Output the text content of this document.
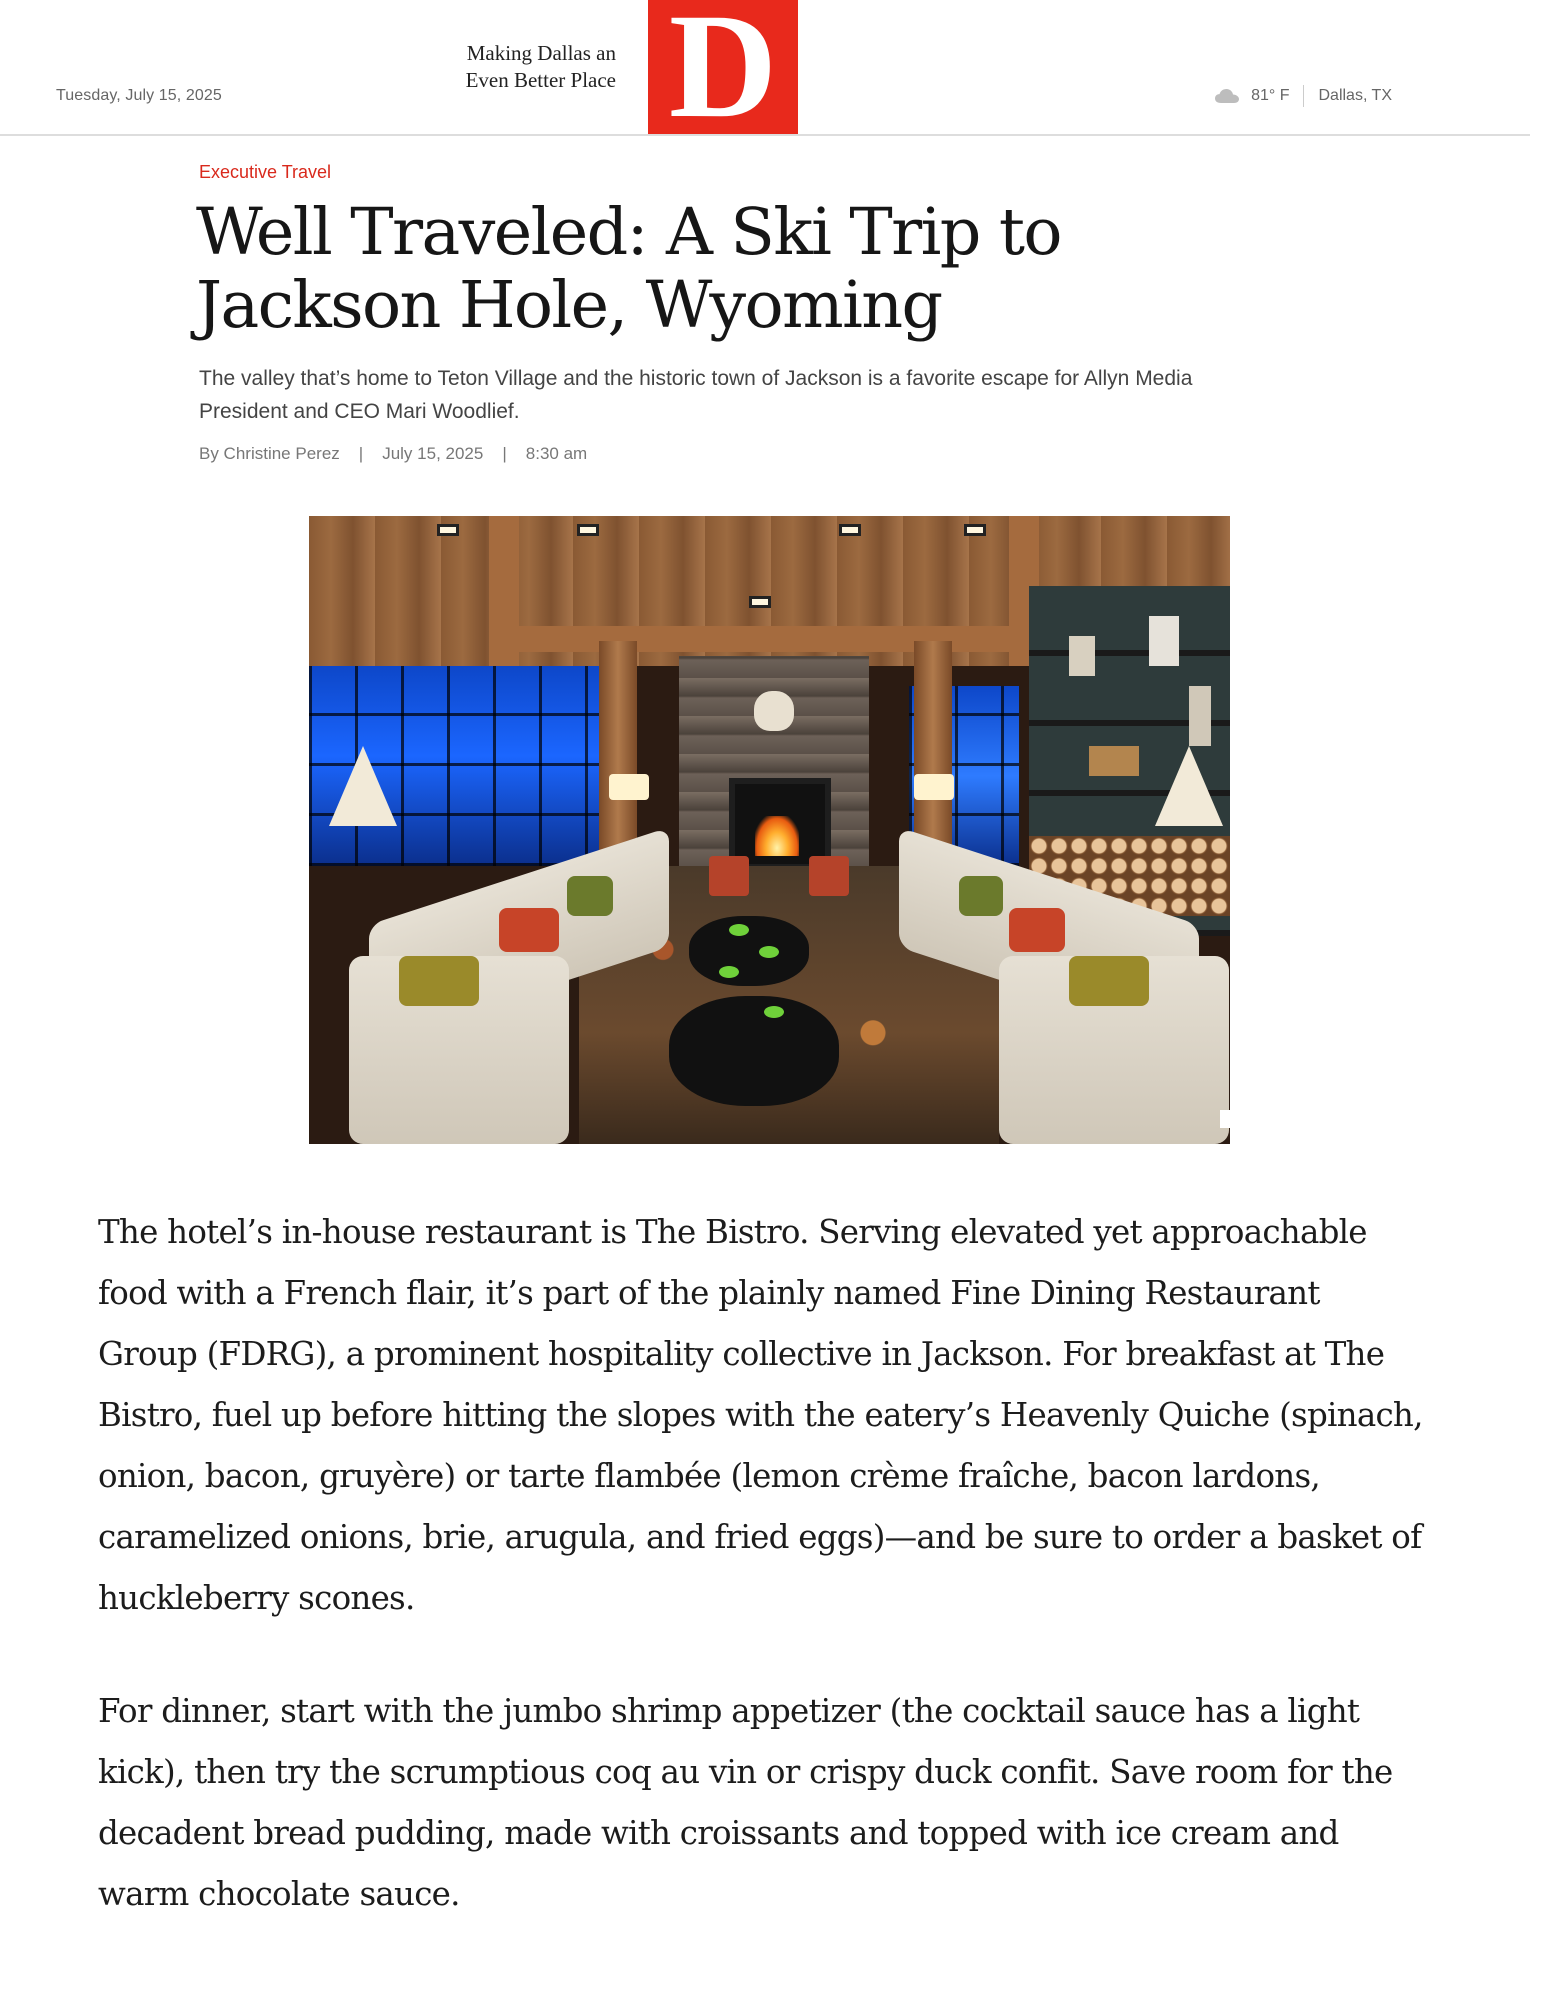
Tuesday, July 15, 2025
Making Dallas an Even Better Place D	81° F Dallas, TX
Executive Travel
Well Traveled: A Ski Trip to Jackson Hole, Wyoming

The valley that’s home to Teton Village and the historic town of Jackson is a favorite escape for Allyn Media President and CEO Mari Woodlief.

By Christine Perez | July 15, 2025 | 8:30 am

The hotel’s in-house restaurant is The Bistro. Serving elevated yet approachable food with a French flair, it’s part of the plainly named Fine Dining Restaurant Group (FDRG), a prominent hospitality collective in Jackson. For breakfast at The Bistro, fuel up before hitting the slopes with the eatery’s Heavenly Quiche (spinach, onion, bacon, gruyère) or tarte flambée (lemon crème fraîche, bacon lardons, caramelized onions, brie, arugula, and fried eggs)—and be sure to order a basket of huckleberry scones.

For dinner, start with the jumbo shrimp appetizer (the cocktail sauce has a light kick), then try the scrumptious coq au vin or crispy duck confit. Save room for the decadent bread pudding, made with croissants and topped with ice cream and warm chocolate sauce.
